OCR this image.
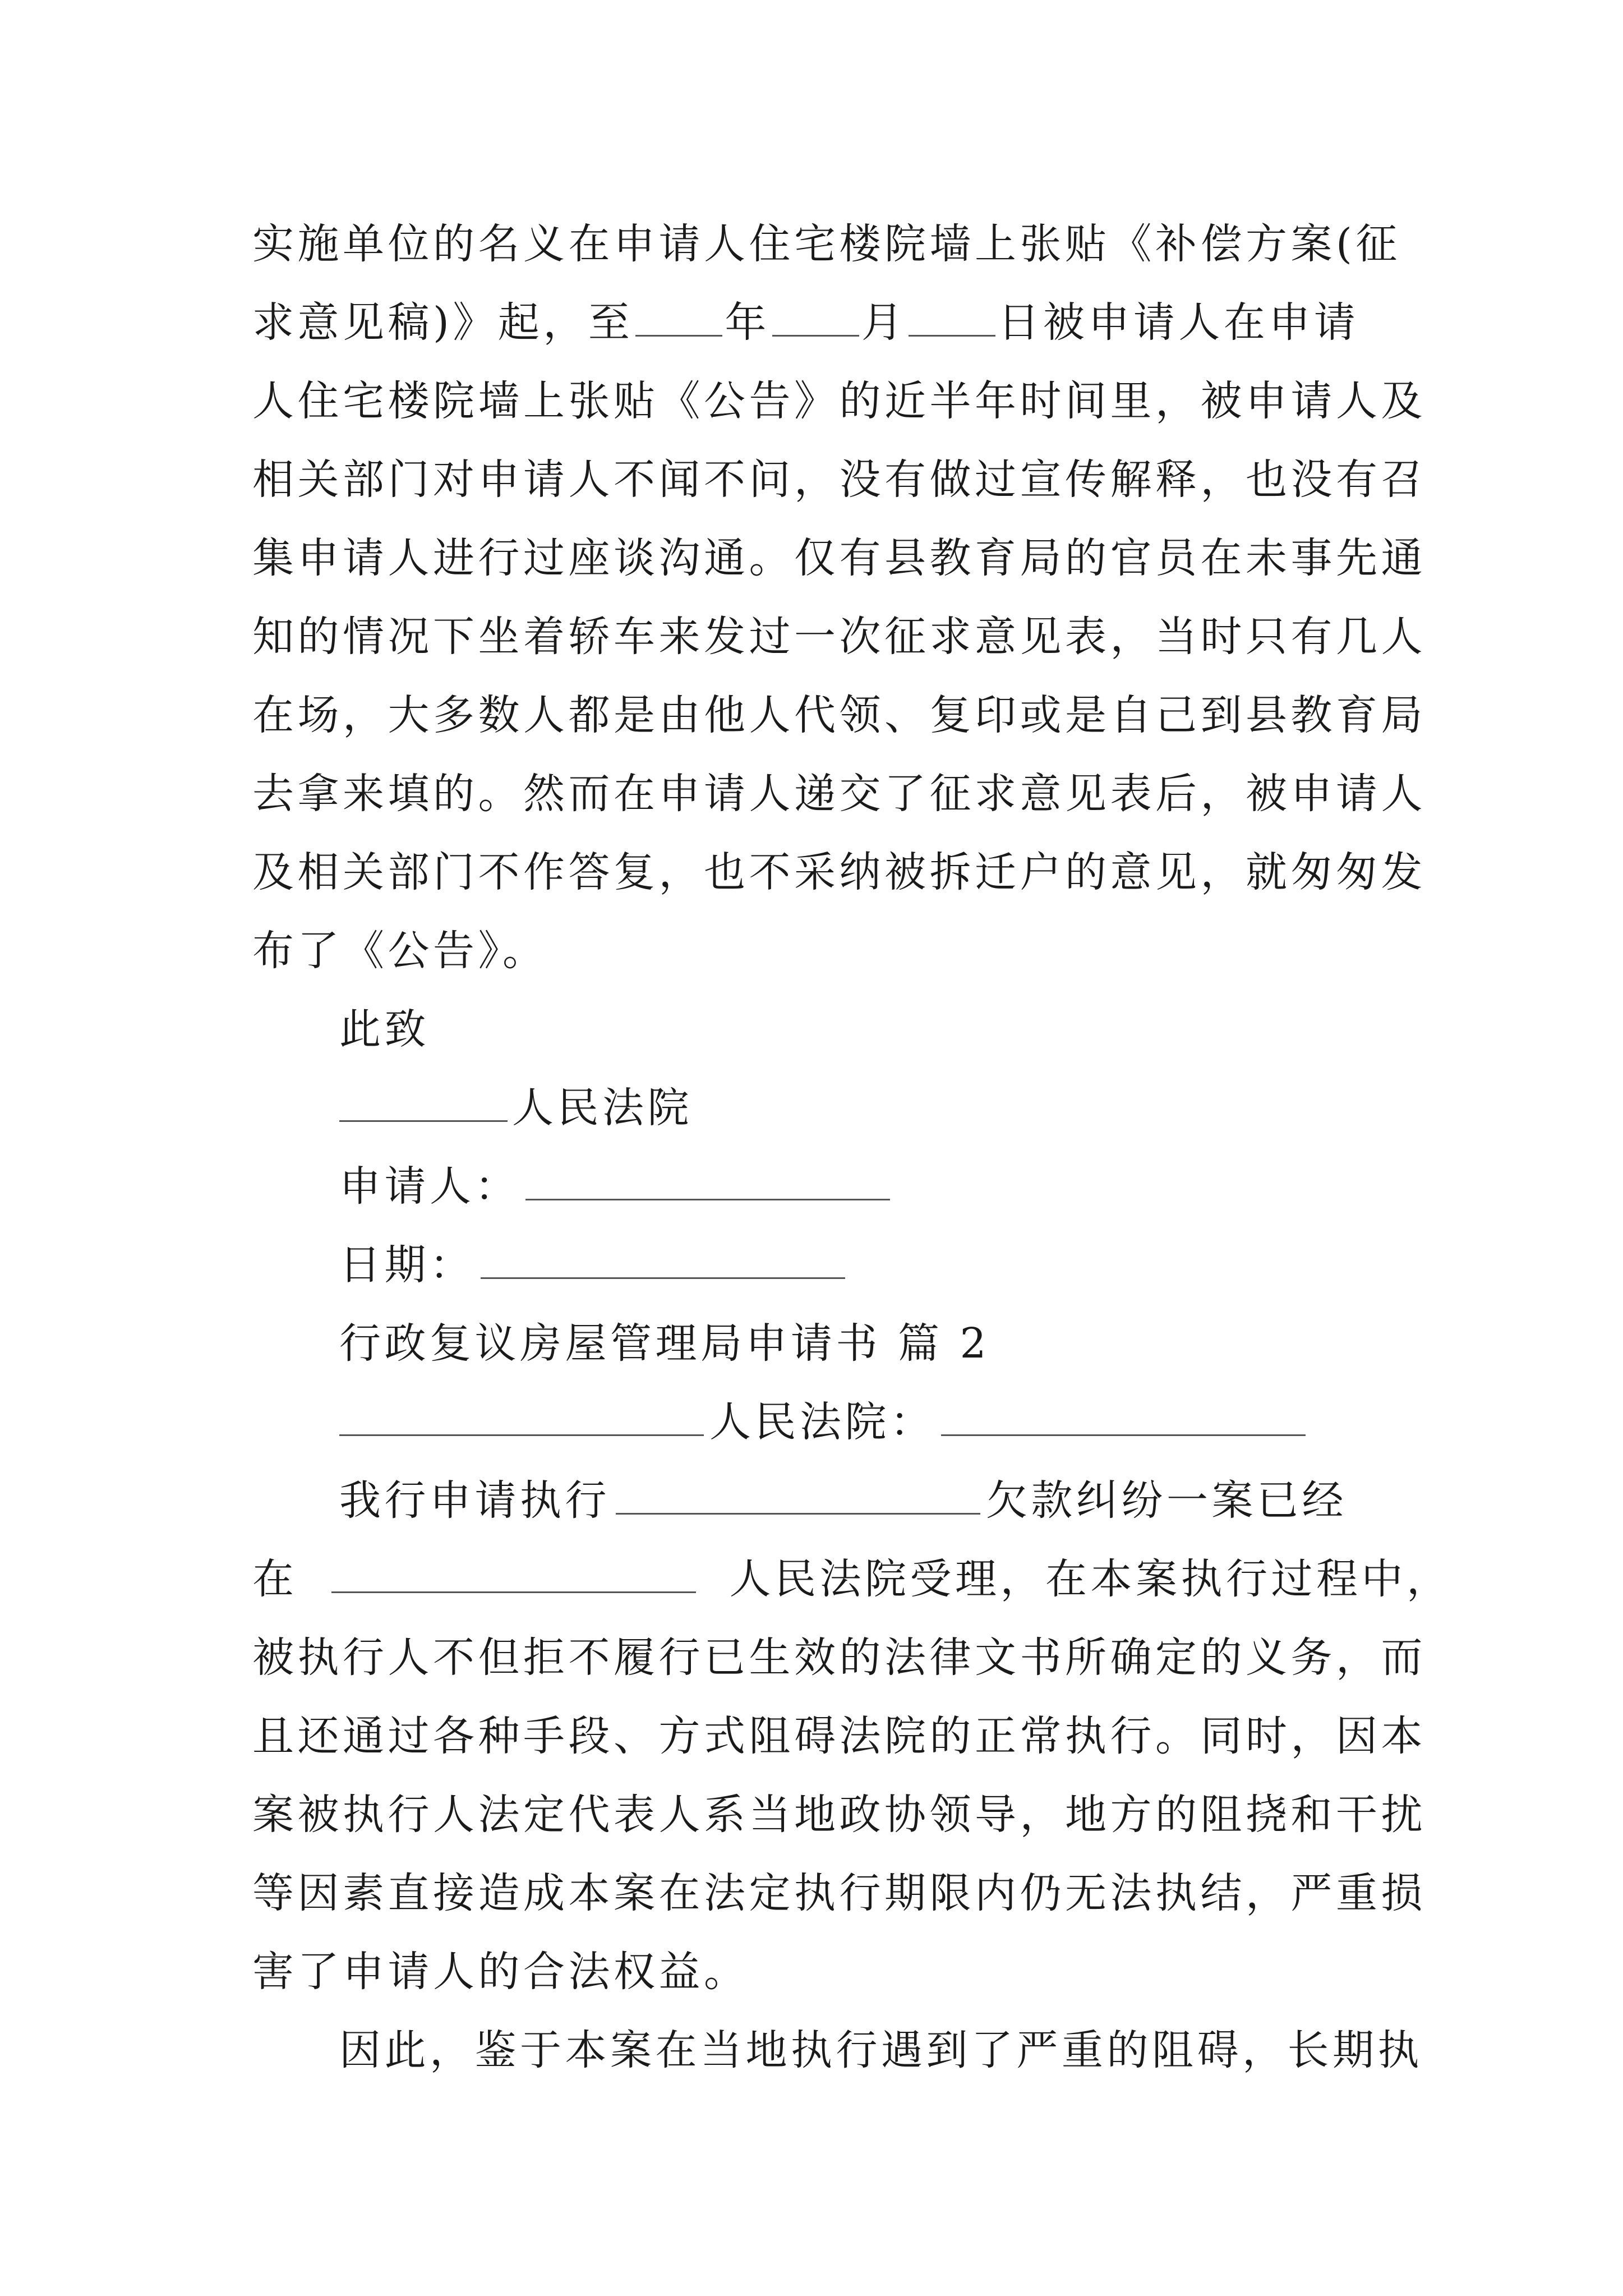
实施单位的名义在申请人住宅楼院墙上张贴《补偿方案(征
求意见稿)》起，至 年 月 日被申请人在申请
人住宅楼院墙上张贴《公告》的近半年时间里，被申请人及
相关部门对申请人不闻不问，没有做过宣传解释，也没有召
集申请人进行过座谈沟通。仅有县教育局的官员在未事先通
知的情况下坐着轿车来发过一次征求意见表，当时只有几人
在场，大多数人都是由他人代领、复印或是自己到县教育局
去拿来填的。然而在申请人递交了征求意见表后，被申请人
及相关部门不作答复，也不采纳被拆迁户的意见，就匆匆发
布了《公告》。
此致
人民法院
申请人：
日期：
行政复议房屋管理局申请书 篇 2
人民法院：
我行申请执行	欠款纠纷一案已经
在	人民法院受理，在本案执行过程中，
被执行人不但拒不履行已生效的法律文书所确定的义务，而
且还通过各种手段、方式阻碍法院的正常执行。同时，因本
案被执行人法定代表人系当地政协领导，地方的阻挠和干扰
等因素直接造成本案在法定执行期限内仍无法执结，严重损
害了申请人的合法权益。
因此，鉴于本案在当地执行遇到了严重的阻碍，长期执
